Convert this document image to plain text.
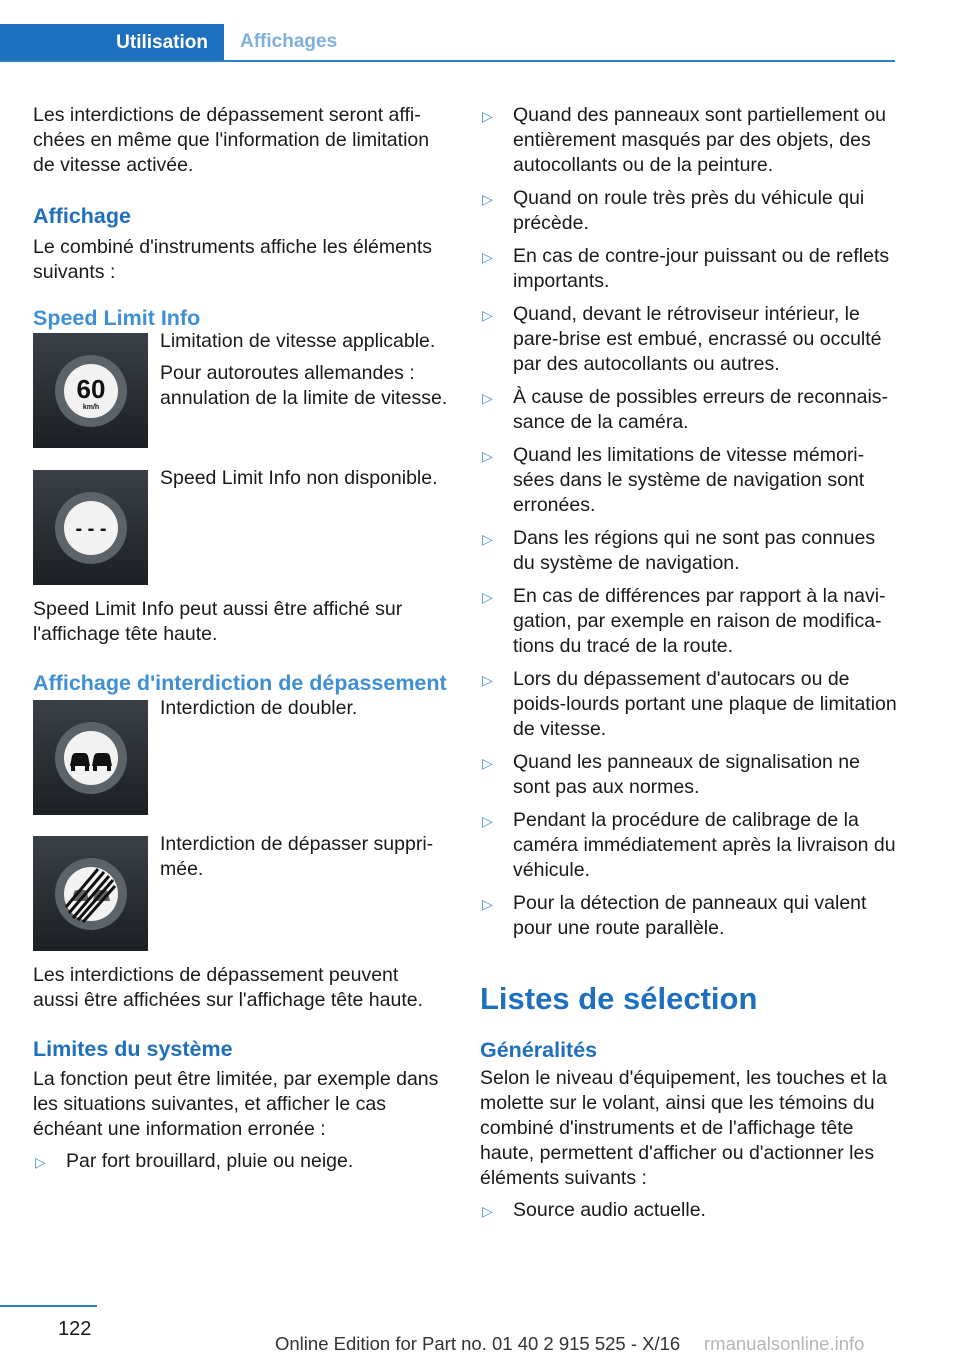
Utilisation	Affichages

Les interdictions de dépassement seront affichées en même que l'information de limitation de vitesse activée.

Affichage

Le combiné d'instruments affiche les éléments suivants :

Speed Limit Info
60
km/h

Limitation de vitesse applicable.

Pour autoroutes allemandes : annulation de la limite de vitesse.

- - -

Speed Limit Info non disponible.

Speed Limit Info peut aussi être affiché sur l'affichage tête haute.

Affichage d'interdiction de dépassement

Interdiction de doubler.

Interdiction de dépasser supprimée.

Les interdictions de dépassement peuvent aussi être affichées sur l'affichage tête haute.

Limites du système

La fonction peut être limitée, par exemple dans les situations suivantes, et afficher le cas échéant une information erronée :

▷ Par fort brouillard, pluie ou neige.
▷ Quand des panneaux sont partiellement ou entièrement masqués par des objets, des autocollants ou de la peinture.
▷ Quand on roule très près du véhicule qui précède.
▷ En cas de contre-jour puissant ou de reflets importants.
▷ Quand, devant le rétroviseur intérieur, le pare-brise est embué, encrassé ou occulté par des autocollants ou autres.
▷ À cause de possibles erreurs de reconnaissance de la caméra.
▷ Quand les limitations de vitesse mémorisées dans le système de navigation sont erronées.
▷ Dans les régions qui ne sont pas connues du système de navigation.
▷ En cas de différences par rapport à la navigation, par exemple en raison de modifications du tracé de la route.
▷ Lors du dépassement d'autocars ou de poids-lourds portant une plaque de limitation de vitesse.
▷ Quand les panneaux de signalisation ne sont pas aux normes.
▷ Pendant la procédure de calibrage de la caméra immédiatement après la livraison du véhicule.
▷ Pour la détection de panneaux qui valent pour une route parallèle.
Listes de sélection
Généralités

Selon le niveau d'équipement, les touches et la molette sur le volant, ainsi que les témoins du combiné d'instruments et de l'affichage tête haute, permettent d'afficher ou d'actionner les éléments suivants :

▷ Source audio actuelle.
122
Online Edition for Part no. 01 40 2 915 525 - X/16 rmanualsonline.info
